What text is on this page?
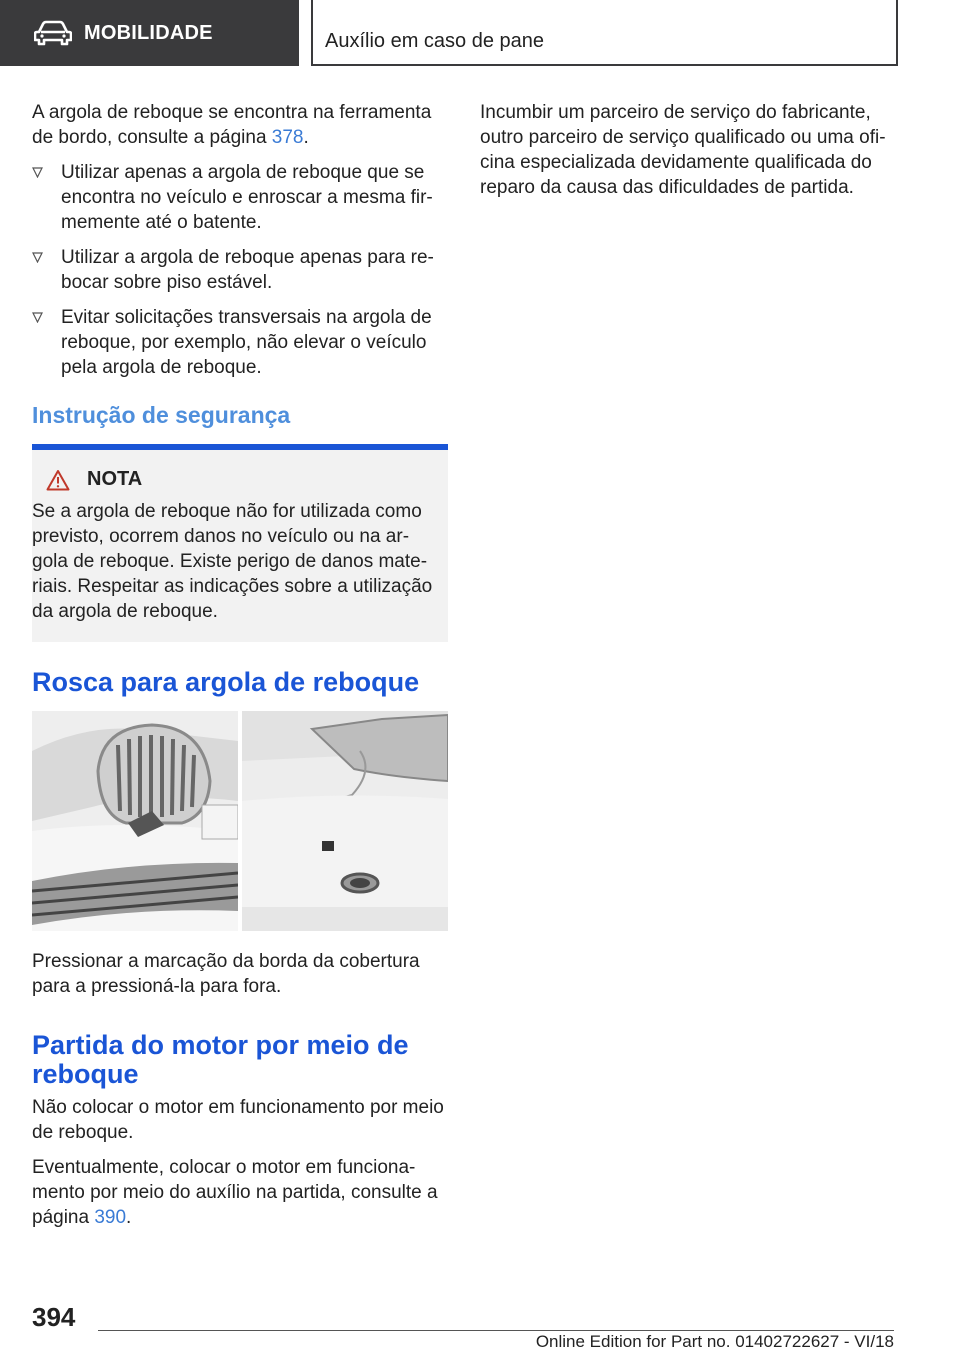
MOBILIDADE	Auxílio em caso de pane

A argola de reboque se encontra na ferramenta de bordo, consulte a página 378.

Utilizar apenas a argola de reboque que se encontra no veículo e enroscar a mesma firmemente até o batente.
Utilizar a argola de reboque apenas para rebocar sobre piso estável.
Evitar solicitações transversais na argola de reboque, por exemplo, não elevar o veículo pela argola de reboque.
Instrução de segurança
NOTA

Se a argola de reboque não for utilizada como previsto, ocorrem danos no veículo ou na argola de reboque. Existe perigo de danos materiais. Respeitar as indicações sobre a utilização da argola de reboque.

Rosca para argola de reboque

Pressionar a marcação da borda da cobertura para a pressioná-la para fora.

Partida do motor por meio de reboque

Não colocar o motor em funcionamento por meio de reboque.

Eventualmente, colocar o motor em funcionamento por meio do auxílio na partida, consulte a página 390.

Incumbir um parceiro de serviço do fabricante, outro parceiro de serviço qualificado ou uma oficina especializada devidamente qualificada do reparo da causa das dificuldades de partida.

394
Online Edition for Part no. 01402722627 - VI/18
